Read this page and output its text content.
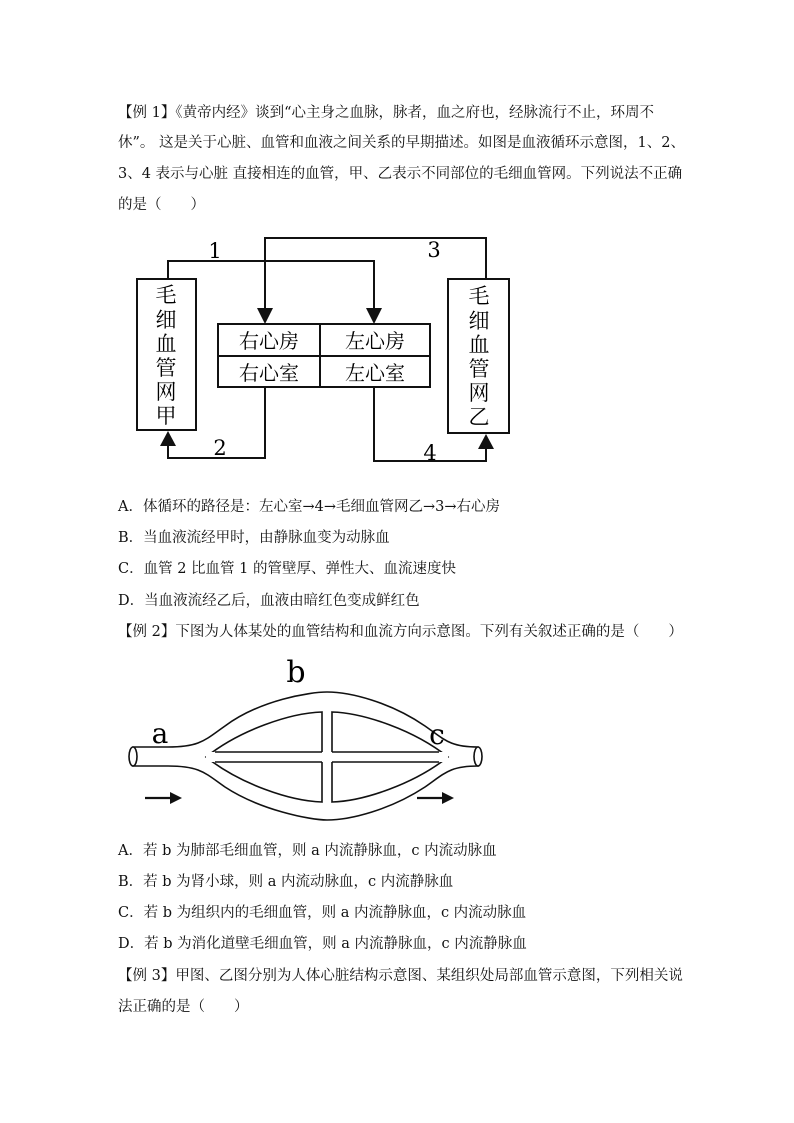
【例 1】《黄帝内经》谈到“心主身之血脉，脉者，血之府也，经脉流行不止，环周不
休”。 这是关于心脏、血管和血液之间关系的早期描述。如图是血液循环示意图，1、2、
3、4 表示与心脏 直接相连的血管，甲、乙表示不同部位的毛细血管网。下列说法不正确
的是（　　）
1	3
2	4
毛
细
血
管
网
甲
毛
细
血
管
网
乙
右心房 左心房
右心室 左心室
A．体循环的路径是：左心室→4→毛细血管网乙→3→右心房
B．当血液流经甲时，由静脉血变为动脉血
C．血管 2 比血管 1 的管壁厚、弹性大、血流速度快
D．当血液流经乙后，血液由暗红色变成鲜红色
【例 2】下图为人体某处的血管结构和血流方向示意图。下列有关叙述正确的是（　　）
b
a	c
A．若 b 为肺部毛细血管，则 a 内流静脉血，c 内流动脉血
B．若 b 为肾小球，则 a 内流动脉血，c 内流静脉血
C．若 b 为组织内的毛细血管，则 a 内流静脉血，c 内流动脉血
D．若 b 为消化道壁毛细血管，则 a 内流静脉血，c 内流静脉血
【例 3】甲图、乙图分别为人体心脏结构示意图、某组织处局部血管示意图，下列相关说
法正确的是（　　）
